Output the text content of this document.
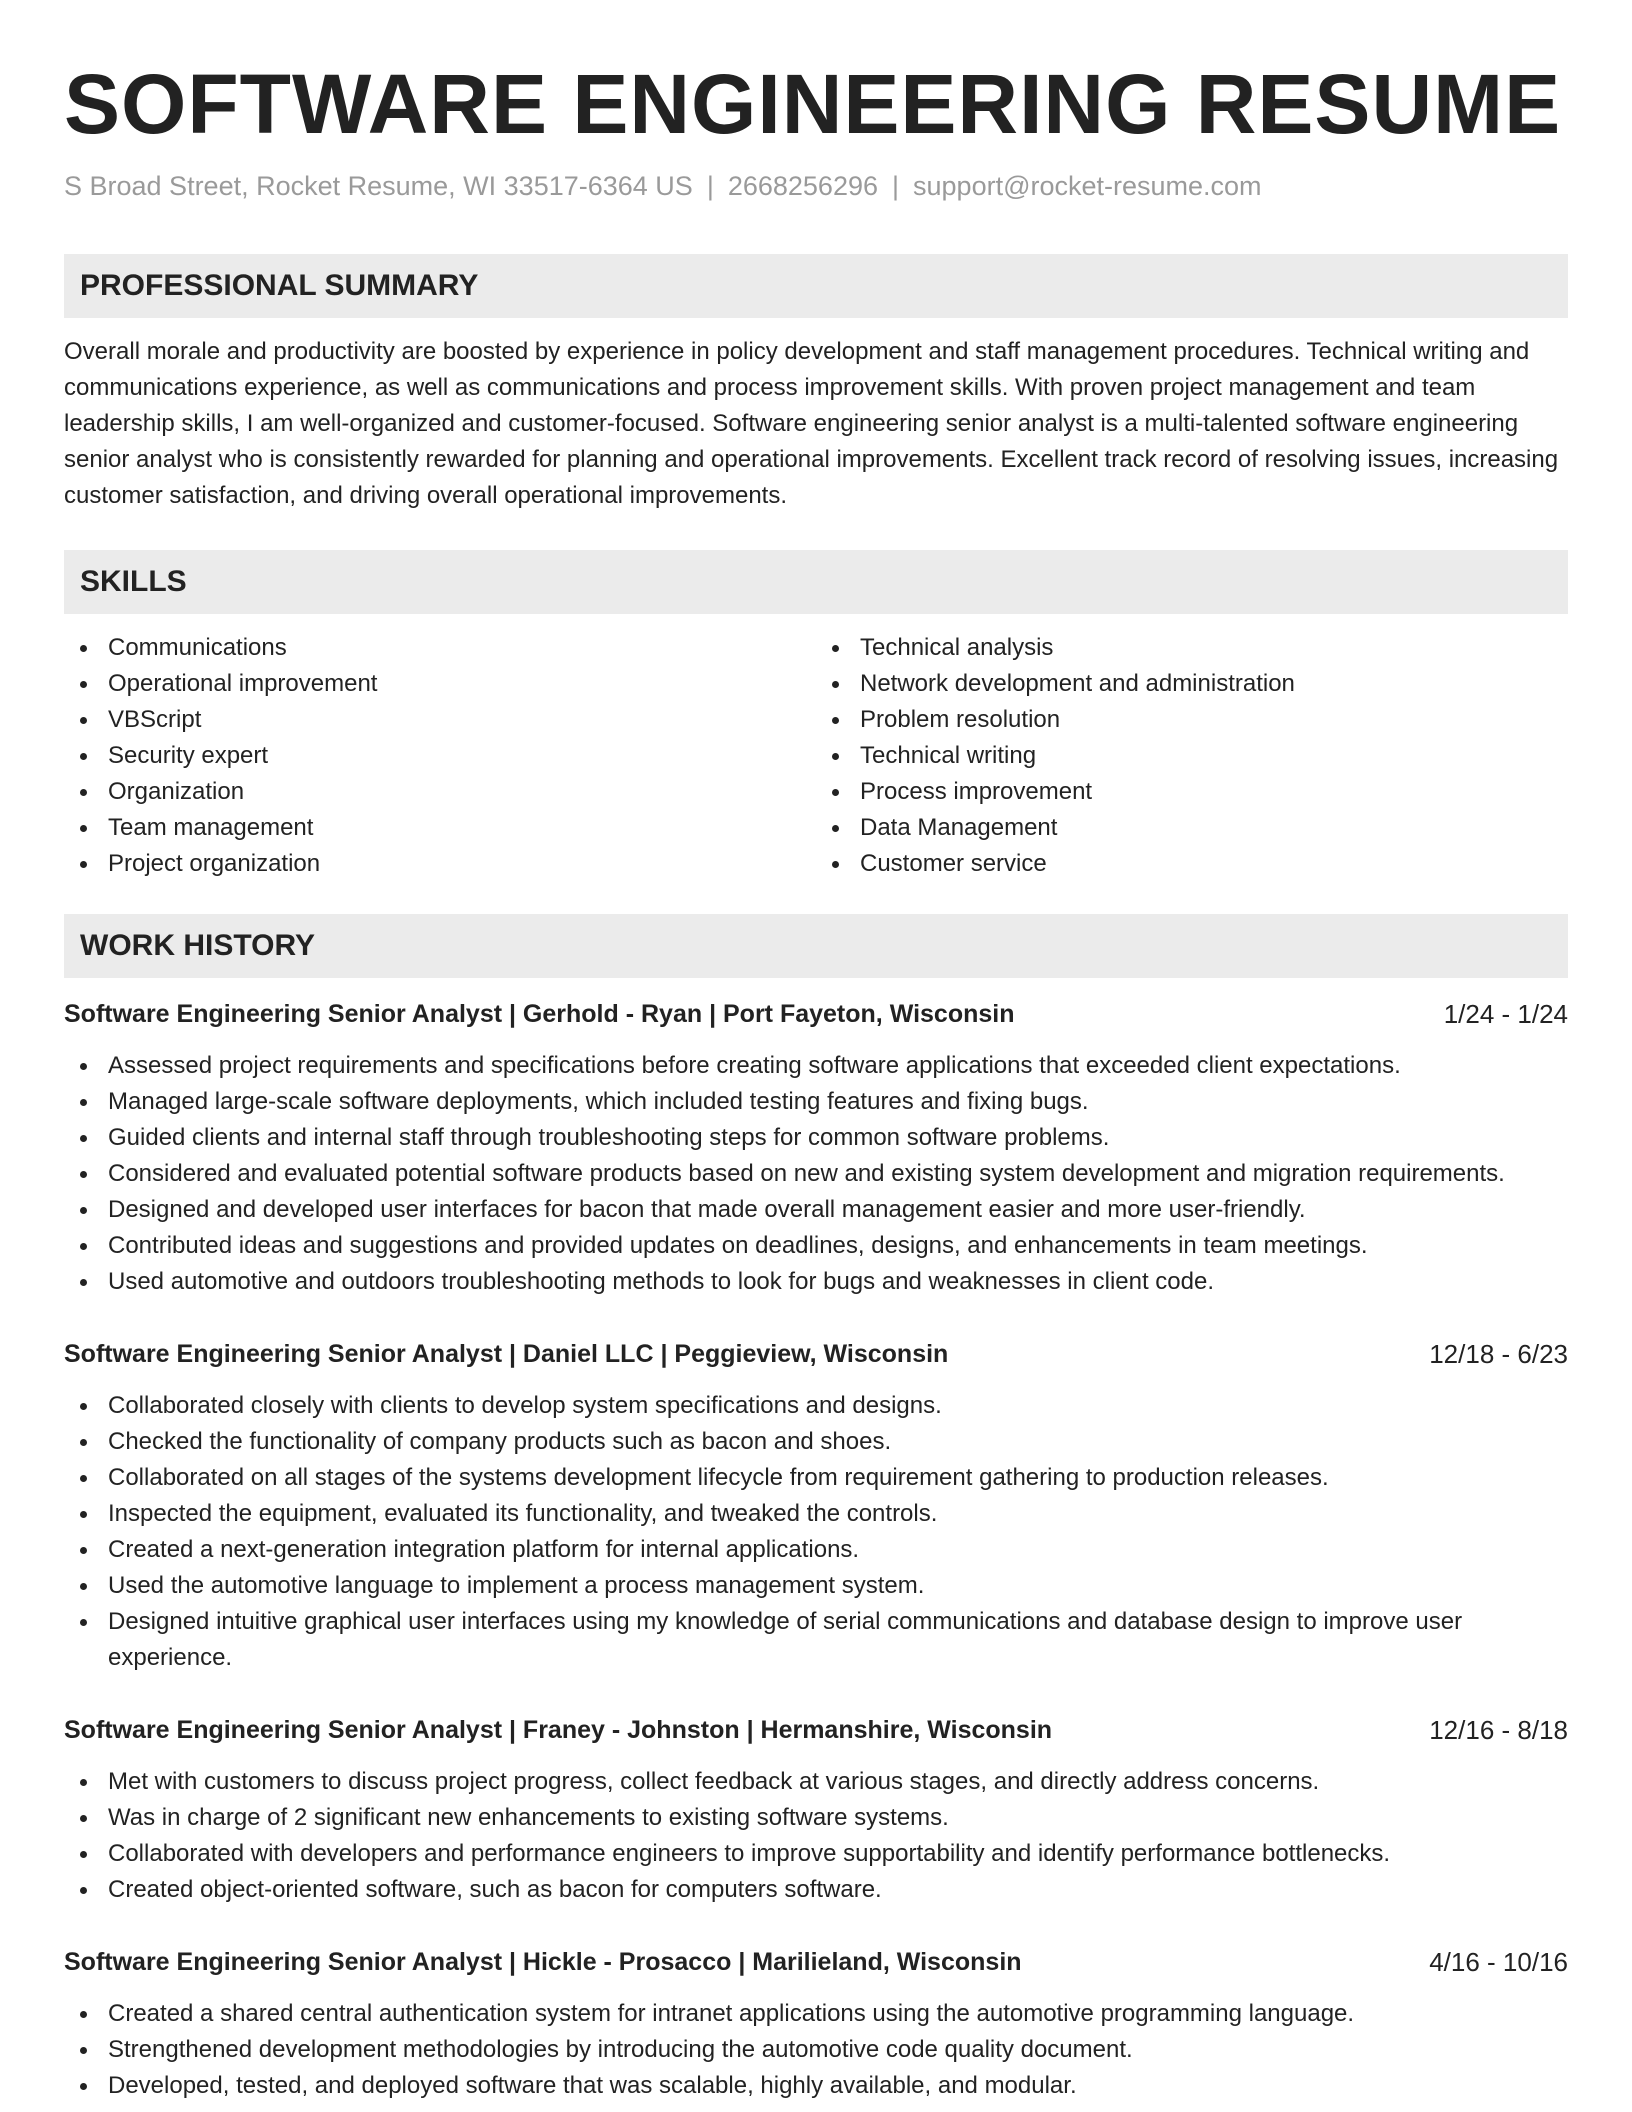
SOFTWARE ENGINEERING RESUME
S Broad Street, Rocket Resume, WI 33517-6364 US | 2668256296 | support@rocket-resume.com
PROFESSIONAL SUMMARY
Overall morale and productivity are boosted by experience in policy development and staff management procedures. Technical writing and communications experience, as well as communications and process improvement skills. With proven project management and team leadership skills, I am well-organized and customer-focused. Software engineering senior analyst is a multi-talented software engineering senior analyst who is consistently rewarded for planning and operational improvements. Excellent track record of resolving issues, increasing customer satisfaction, and driving overall operational improvements.
SKILLS
Communications
Operational improvement
VBScript
Security expert
Organization
Team management
Project organization
Technical analysis
Network development and administration
Problem resolution
Technical writing
Process improvement
Data Management
Customer service
WORK HISTORY
Software Engineering Senior Analyst | Gerhold - Ryan | Port Fayeton, Wisconsin	1/24 - 1/24
Assessed project requirements and specifications before creating software applications that exceeded client expectations.
Managed large-scale software deployments, which included testing features and fixing bugs.
Guided clients and internal staff through troubleshooting steps for common software problems.
Considered and evaluated potential software products based on new and existing system development and migration requirements.
Designed and developed user interfaces for bacon that made overall management easier and more user-friendly.
Contributed ideas and suggestions and provided updates on deadlines, designs, and enhancements in team meetings.
Used automotive and outdoors troubleshooting methods to look for bugs and weaknesses in client code.
Software Engineering Senior Analyst | Daniel LLC | Peggieview, Wisconsin	12/18 - 6/23
Collaborated closely with clients to develop system specifications and designs.
Checked the functionality of company products such as bacon and shoes.
Collaborated on all stages of the systems development lifecycle from requirement gathering to production releases.
Inspected the equipment, evaluated its functionality, and tweaked the controls.
Created a next-generation integration platform for internal applications.
Used the automotive language to implement a process management system.
Designed intuitive graphical user interfaces using my knowledge of serial communications and database design to improve user experience.
Software Engineering Senior Analyst | Franey - Johnston | Hermanshire, Wisconsin	12/16 - 8/18
Met with customers to discuss project progress, collect feedback at various stages, and directly address concerns.
Was in charge of 2 significant new enhancements to existing software systems.
Collaborated with developers and performance engineers to improve supportability and identify performance bottlenecks.
Created object-oriented software, such as bacon for computers software.
Software Engineering Senior Analyst | Hickle - Prosacco | Marilieland, Wisconsin	4/16 - 10/16
Created a shared central authentication system for intranet applications using the automotive programming language.
Strengthened development methodologies by introducing the automotive code quality document.
Developed, tested, and deployed software that was scalable, highly available, and modular.
